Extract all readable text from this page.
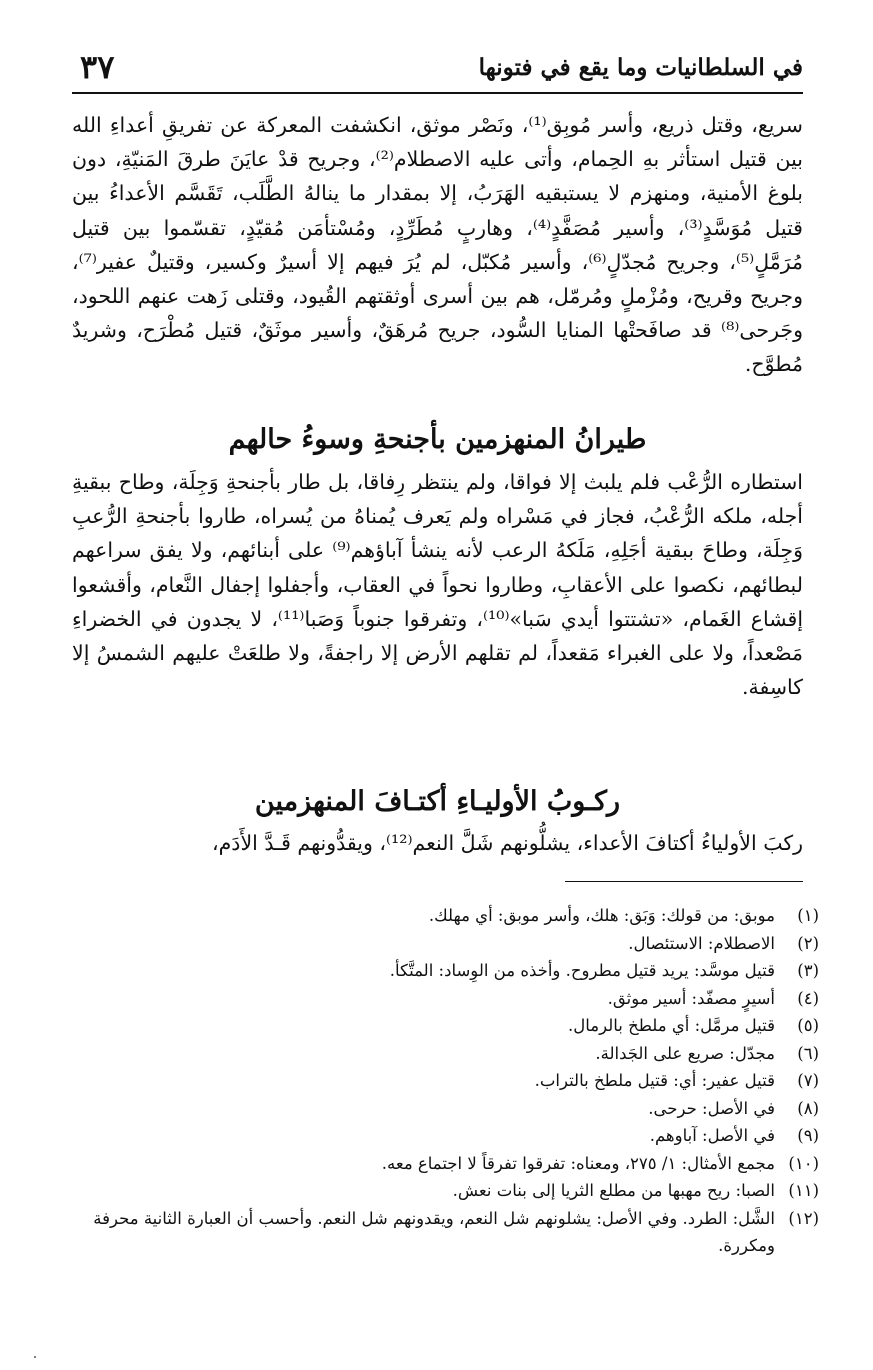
في السلطانيات وما يقع في فتونها
٣٧

سريع، وقتل ذريع، وأسر مُوبِق⁽¹⁾، ونَصْر موثق، انكشفت المعركة عن تفريقِ أعداءِ الله بين قتيل استأثر بهِ الحِمام، وأتى عليه الاصطلام⁽²⁾، وجريح قدْ عايَنَ طرقَ المَنيّةِ، دون بلوغ الأمنية، ومنهزم لا يستبقيه الهَرَبُ، إلا بمقدار ما ينالهُ الطَّلَب، تَقَسَّم الأعداءُ بين قتيل مُوَسَّدٍ⁽³⁾، وأسير مُصَفَّدٍ⁽⁴⁾، وهاربٍ مُطَرِّدٍ، ومُسْتأمَن مُقيّدٍ، تقسّموا بين قتيل مُرَمَّلٍ⁽⁵⁾، وجريح مُجدّلٍ⁽⁶⁾، وأسير مُكبّل، لم يُرَ فيهم إلا أسيرٌ وكسير، وقتيلٌ عفير⁽⁷⁾، وجريح وقريح، ومُزْملٍ ومُرمّل، هم بين أسرى أوثقتهم القُيود، وقتلى زَهت عنهم اللحود، وجَرحى⁽⁸⁾ قد صافَحتْها المنايا السُّود، جريح مُرهَقٌ، وأسير موثَقٌ، قتيل مُطْرَح، وشريدٌ مُطوَّح.

طيرانُ المنهزمين بأجنحةِ وسوءُ حالهم

استطاره الرُّعْب فلم يلبث إلا فواقا، ولم ينتظر رِفاقا، بل طار بأجنحةِ وَجِلَة، وطاح ببقيةِ أجله، ملكه الرُّعْبُ، فجاز في مَسْراه ولم يَعرف يُمناهُ من يُسراه، طاروا بأجنحةِ الرُّعبِ وَجِلَة، وطاحَ ببقية أجَلِهِ، مَلَكهُ الرعب لأنه ينشأ آباؤهم⁽⁹⁾ على أبنائهم، ولا يفق سراعهم لبطائهم، نكصوا على الأعقابِ، وطاروا نحواً في العقاب، وأجفلوا إجفال النَّعام، وأقشعوا إقشاع الغَمام، «تشتتوا أيدي سَبا»⁽¹⁰⁾، وتفرقوا جنوباً وَصَبا⁽¹¹⁾، لا يجدون في الخضراءِ مَصْعداً، ولا على الغبراء مَقعداً، لم تقلهم الأرض إلا راجفةً، ولا طلعَتْ عليهم الشمسُ إلا كاسِفة.

ركـوبُ الأوليـاءِ أكتـافَ المنهزمين

ركبَ الأولياءُ أكتافَ الأعداء، يشلُّونهم شَلَّ النعم⁽¹²⁾، ويقدُّونهم قَـدَّ الأَدَم،

(١)
موبق: من قولك: وَبَق: هلك، وأسر موبق: أي مهلك.
(٢)
الاصطلام: الاستئصال.
(٣)
قتيل موسَّد: يريد قتيل مطروح. وأخذه من الوِساد: المتَّكأ.
(٤)
أسيرٍ مصفّد: أسير موثق.
(٥)
قتيل مرمَّل: أي ملطخ بالرمال.
(٦)
مجدّل: صريع على الجَدالة.
(٧)
قتيل عفير: أي: قتيل ملطخ بالتراب.
(٨)
في الأصل: حرحى.
(٩)
في الأصل: آباوهم.
(١٠)
مجمع الأمثال: ١/ ٢٧٥، ومعناه: تفرقوا تفرقاً لا اجتماع معه.
(١١)
الصبا: ريح مهبها من مطلع الثريا إلى بنات نعش.
(١٢)
الشَّل: الطرد. وفي الأصل: يشلونهم شل النعم، ويقدونهم شل النعم. وأحسب أن العبارة الثانية محرفة ومكررة.
